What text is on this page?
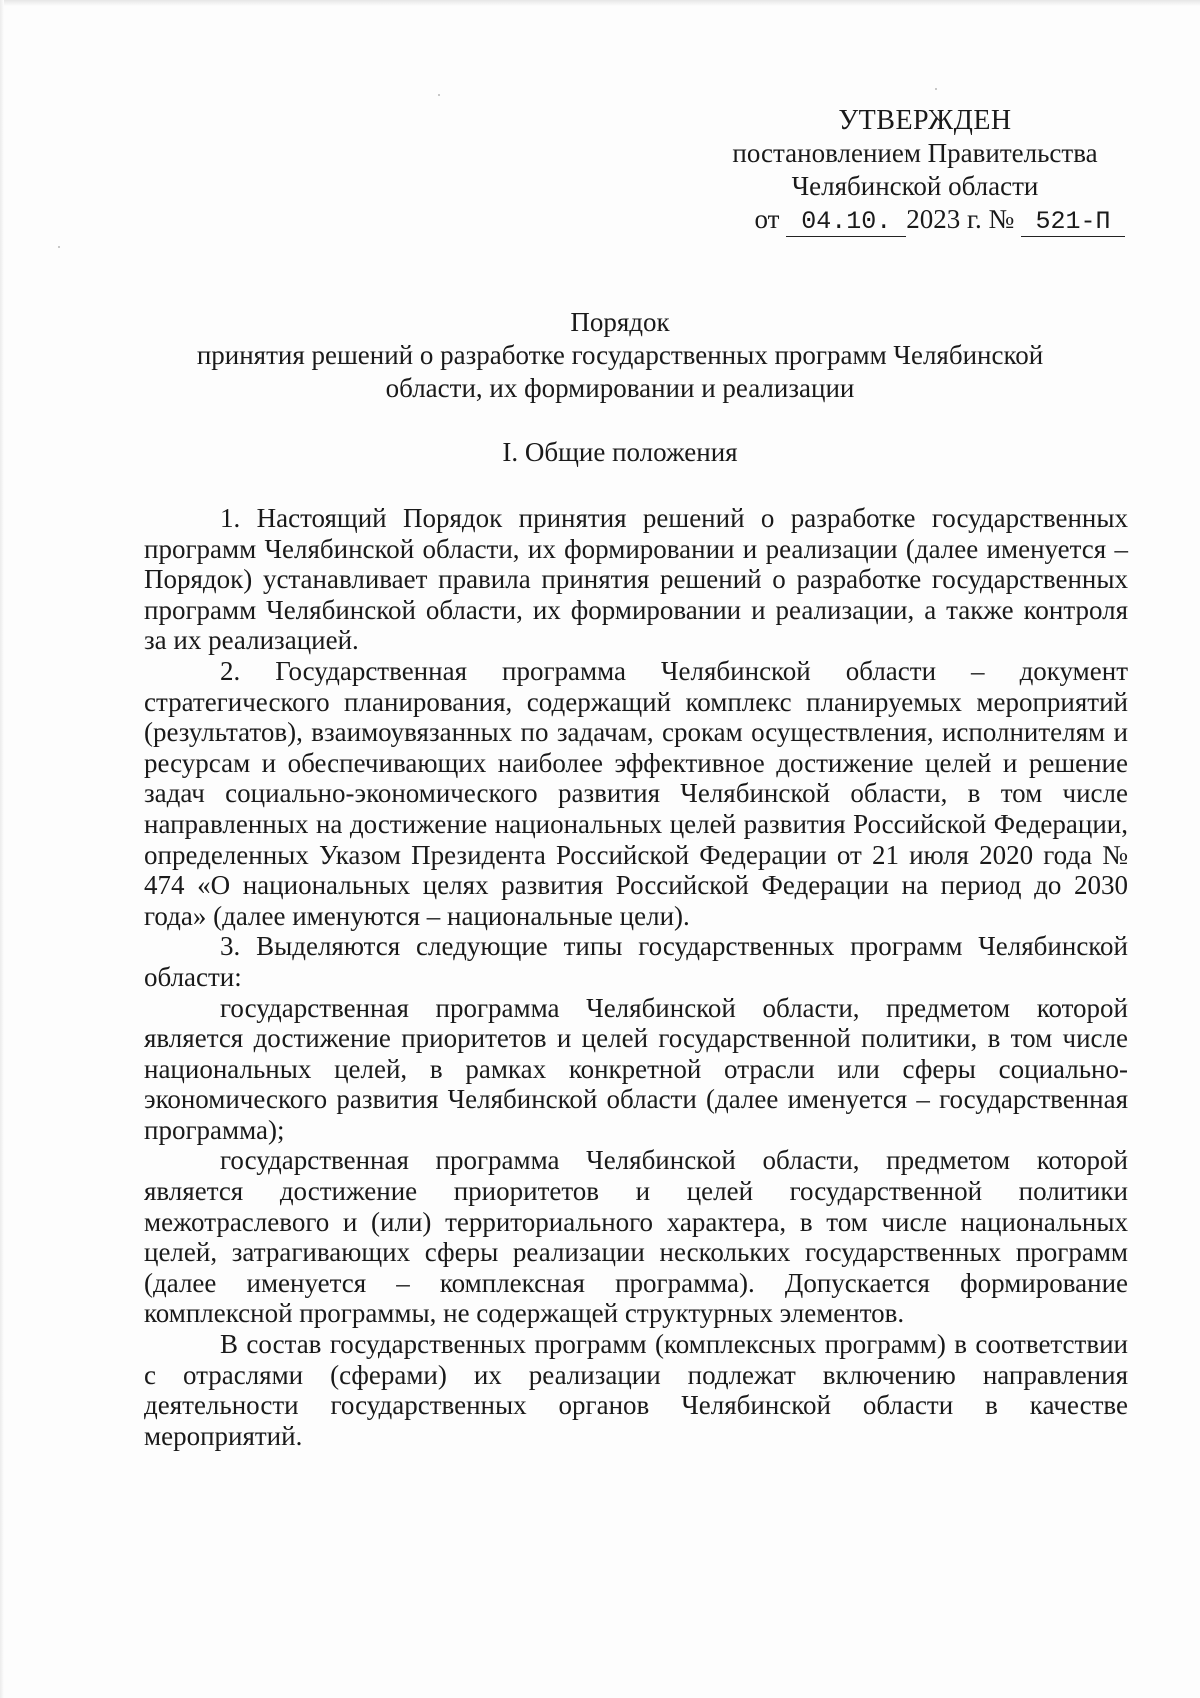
УТВЕРЖДЕН
постановлением Правительства
Челябинской области
от 04.10. 2023 г. № 521-П
Порядок
принятия решений о разработке государственных программ Челябинской
области, их формировании и реализации
I. Общие положения

1. Настоящий Порядок принятия решений о разработке государственных программ Челябинской области, их формировании и реализации (далее именуется – Порядок) устанавливает правила принятия решений о разработке государственных программ Челябинской области, их формировании и реализации, а также контроля за их реализацией.

2. Государственная программа Челябинской области – документ стратегического планирования, содержащий комплекс планируемых мероприятий (результатов), взаимоувязанных по задачам, срокам осуществления, исполнителям и ресурсам и обеспечивающих наиболее эффективное достижение целей и решение задач социально-экономического развития Челябинской области, в том числе направленных на достижение национальных целей развития Российской Федерации, определенных Указом Президента Российской Федерации от 21 июля 2020 года № 474 «О национальных целях развития Российской Федерации на период до 2030 года» (далее именуются – национальные цели).

3. Выделяются следующие типы государственных программ Челябинской области:

государственная программа Челябинской области, предметом которой является достижение приоритетов и целей государственной политики, в том числе национальных целей, в рамках конкретной отрасли или сферы социально-экономического развития Челябинской области (далее именуется – государственная программа);

государственная программа Челябинской области, предметом которой является достижение приоритетов и целей государственной политики межотраслевого и (или) территориального характера, в том числе национальных целей, затрагивающих сферы реализации нескольких государственных программ (далее именуется – комплексная программа). Допускается формирование комплексной программы, не содержащей структурных элементов.

В состав государственных программ (комплексных программ) в соответствии с отраслями (сферами) их реализации подлежат включению направления деятельности государственных органов Челябинской области в качестве мероприятий.
